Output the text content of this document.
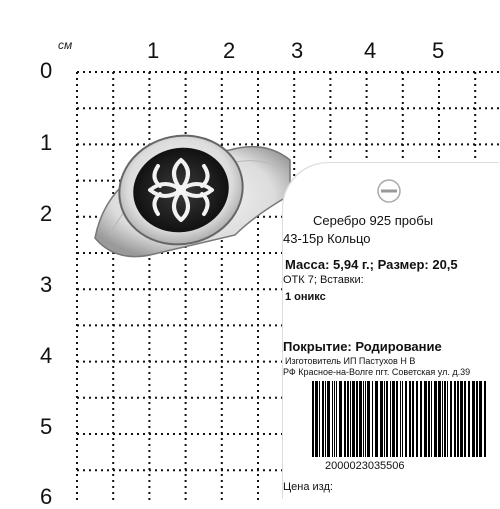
см	1	2	3	4	5
0
1
2
3
4
5
6
Серебро 925 пробы
43-15р Кольцо
Масса: 5,94 г.; Размер: 20,5
ОТК 7; Вставки:
1 оникс
Покрытие: Родирование
Изготовитель ИП Пастухов Н В
РФ Красное-на-Волге пгт. Советская ул. д.39
2000023035506
Цена изд:
